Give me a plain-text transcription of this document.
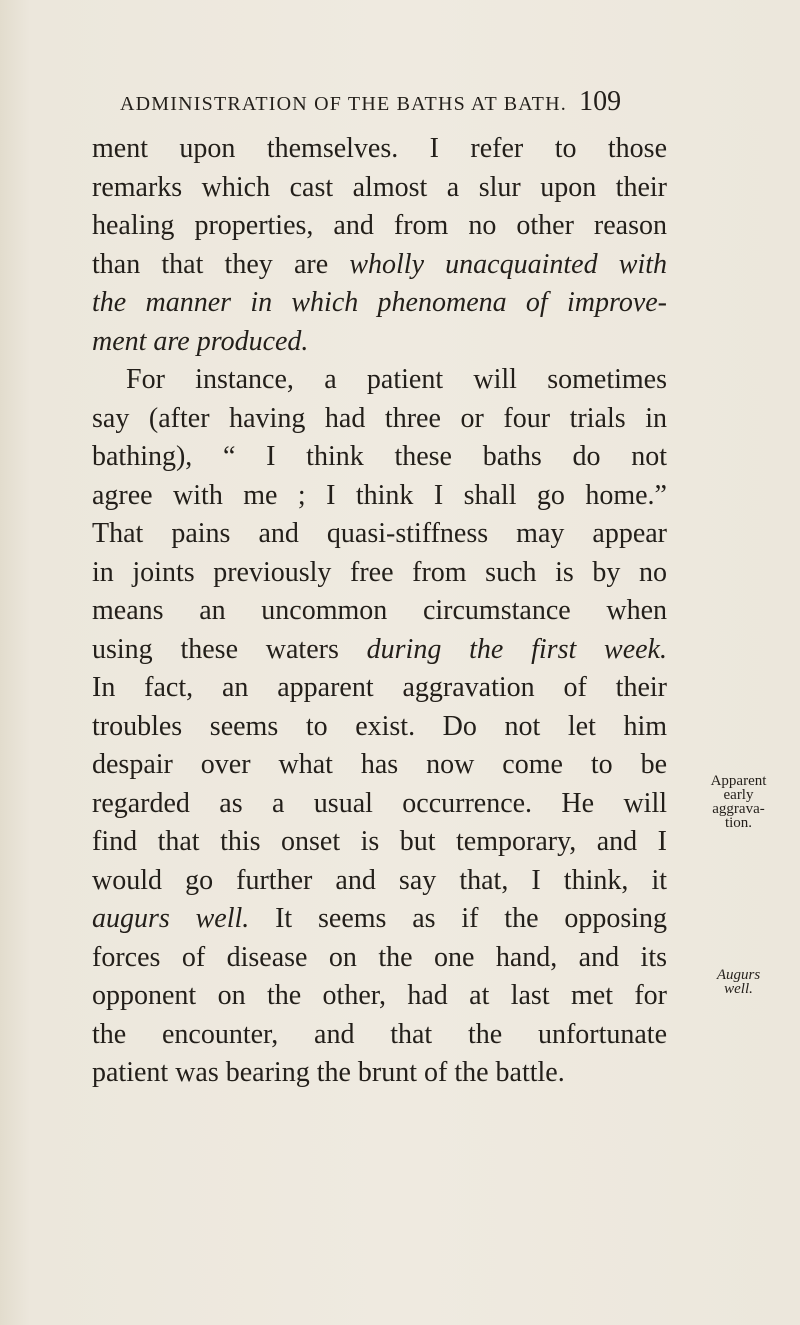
ADMINISTRATION OF THE BATHS AT BATH. 109
ment upon themselves. I refer to those
remarks which cast almost a slur upon their
healing properties, and from no other reason
than that they are wholly unacquainted with
the manner in which phenomena of improve-
ment are produced.
For instance, a patient will sometimes
say (after having had three or four trials in
bathing), “ I think these baths do not
agree with me ; I think I shall go home.”
That pains and quasi-stiffness may appear
in joints previously free from such is by no
means an uncommon circumstance when
using these waters during the first week.
In fact, an apparent aggravation of their
troubles seems to exist. Do not let him
despair over what has now come to be
regarded as a usual occurrence. He will
find that this onset is but temporary, and I
would go further and say that, I think, it
augurs well. It seems as if the opposing
forces of disease on the one hand, and its
opponent on the other, had at last met for
the encounter, and that the unfortunate
patient was bearing the brunt of the battle.
Apparent
early
aggrava-
tion.
Augurs
well.
